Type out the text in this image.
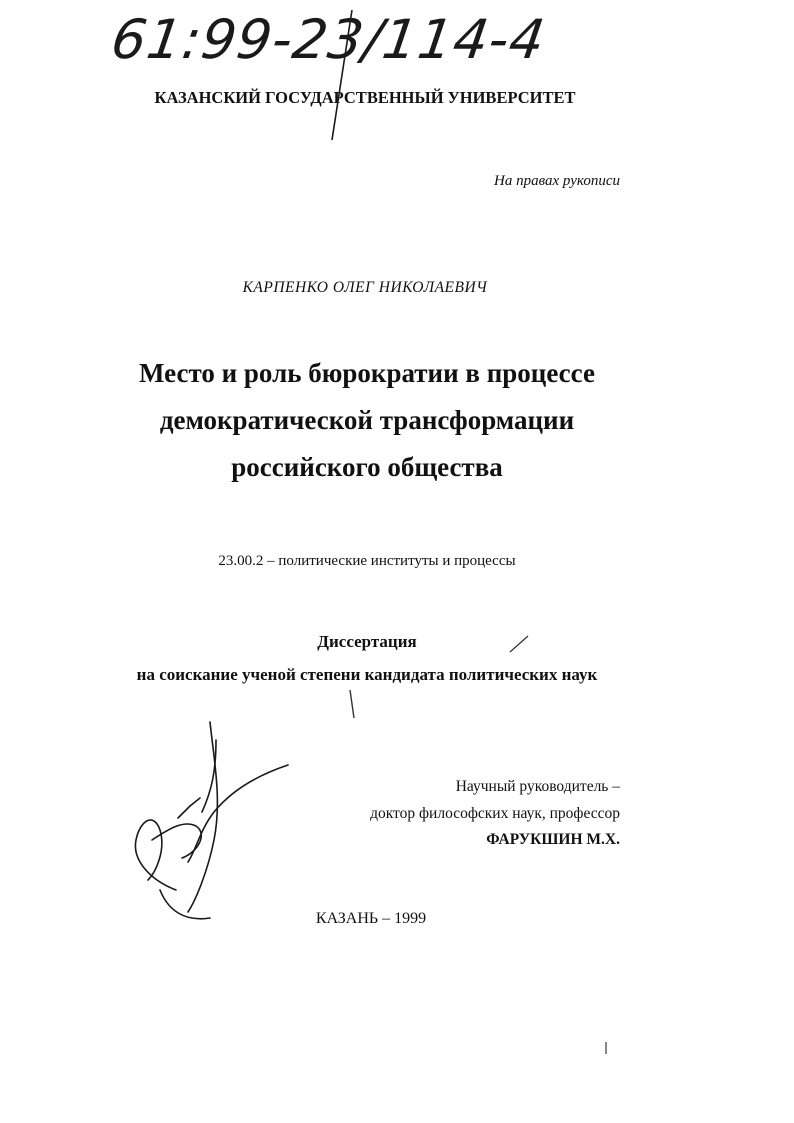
61:99-23/114-4
КАЗАНСКИЙ ГОСУДАРСТВЕННЫЙ УНИВЕРСИТЕТ
На правах рукописи
КАРПЕНКО ОЛЕГ НИКОЛАЕВИЧ
Место и роль бюрократии в процессе
демократической трансформации
российского общества
23.00.2 – политические институты и процессы
Диссертация
на соискание ученой степени кандидата политических наук
Научный руководитель –
доктор философских наук, профессор
ФАРУКШИН М.Х.
КАЗАНЬ – 1999
